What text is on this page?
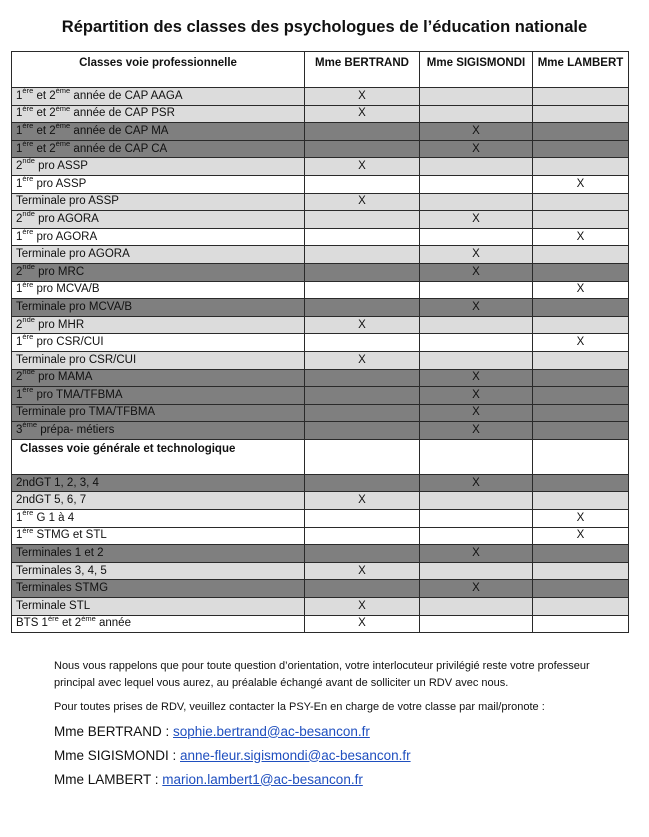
Répartition des classes des psychologues de l’éducation nationale
Classes voie professionnelle	Mme BERTRAND	Mme SIGISMONDI	Mme LAMBERT
1ère et 2ème année de CAP AAGA	X		
1ère et 2ème année de CAP PSR	X		
1ère et 2ème année de CAP MA		X	
1ère et 2ème année de CAP CA		X	
2nde pro ASSP	X		
1ère pro ASSP			X
Terminale pro ASSP	X		
2nde pro AGORA		X	
1ère pro AGORA			X
Terminale pro AGORA		X	
2nde pro MRC		X	
1ère pro MCVA/B			X
Terminale pro MCVA/B		X	
2nde pro MHR	X		
1ère pro CSR/CUI			X
Terminale pro CSR/CUI	X		
2nde pro MAMA		X	
1ère pro TMA/TFBMA		X	
Terminale pro TMA/TFBMA		X	
3ème prépa- métiers		X	
Classes voie générale et technologique			
2ndGT 1, 2, 3, 4		X	
2ndGT 5, 6, 7	X		
1ère G 1 à 4			X
1ère STMG et STL			X
Terminales 1 et 2		X	
Terminales 3, 4, 5	X		
Terminales STMG		X	
Terminale STL	X		
BTS 1ère et 2ème année	X		

Nous vous rappelons que pour toute question d’orientation, votre interlocuteur privilégié reste votre professeur principal avec lequel vous aurez, au préalable échangé avant de solliciter un RDV avec nous.

Pour toutes prises de RDV, veuillez contacter la PSY-En en charge de votre classe par mail/pronote :

Mme BERTRAND : sophie.bertrand@ac-besancon.fr

Mme SIGISMONDI : anne-fleur.sigismondi@ac-besancon.fr

Mme LAMBERT : marion.lambert1@ac-besancon.fr
